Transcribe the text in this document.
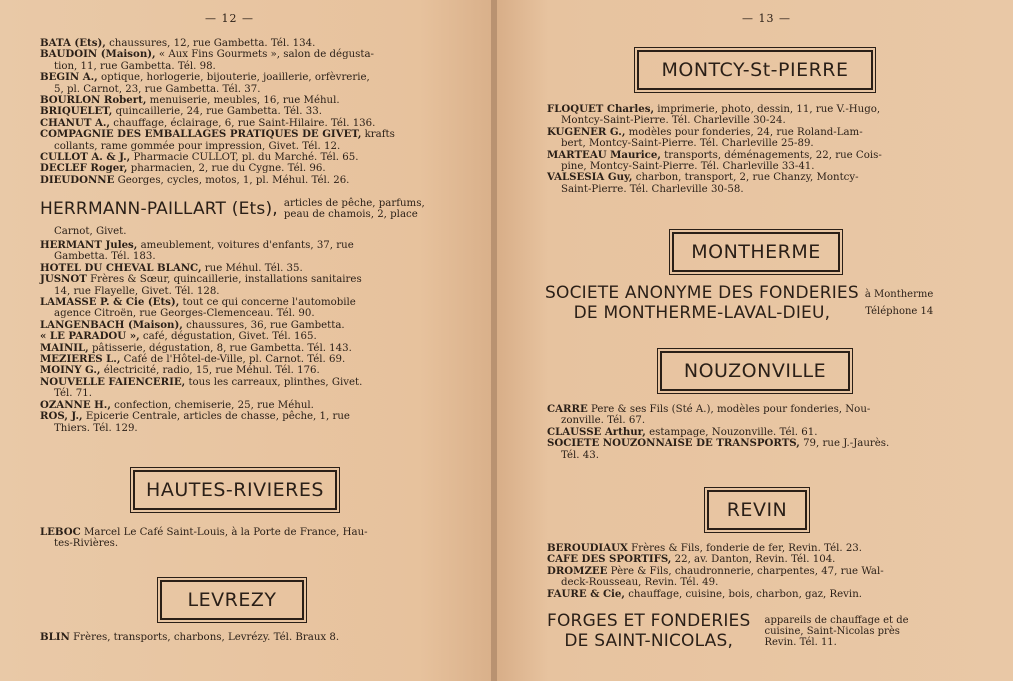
— 12 —
BATA (Ets), chaussures, 12, rue Gambetta. Tél. 134.
BAUDOIN (Maison), « Aux Fins Gourmets », salon de dégusta-
tion, 11, rue Gambetta. Tél. 98.
BEGIN A., optique, horlogerie, bijouterie, joaillerie, orfèvrerie,
5, pl. Carnot, 23, rue Gambetta. Tél. 37.
BOURLON Robert, menuiserie, meubles, 16, rue Méhul.
BRIQUELET, quincaillerie, 24, rue Gambetta. Tél. 33.
CHANUT A., chauffage, éclairage, 6, rue Saint-Hilaire. Tél. 136.
COMPAGNIE DES EMBALLAGES PRATIQUES DE GIVET, krafts
collants, rame gommée pour impression, Givet. Tél. 12.
CULLOT A. & J., Pharmacie CULLOT, pl. du Marché. Tél. 65.
DECLEF Roger, pharmacien, 2, rue du Cygne. Tél. 96.
DIEUDONNE Georges, cycles, motos, 1, pl. Méhul. Tél. 26.
HERRMANN-PAILLART (Ets), articles de pêche, parfums,
peau de chamois, 2, place
Carnot, Givet.
HERMANT Jules, ameublement, voitures d'enfants, 37, rue
Gambetta. Tél. 183.
HOTEL DU CHEVAL BLANC, rue Méhul. Tél. 35.
JUSNOT Frères & Sœur, quincaillerie, installations sanitaires
14, rue Flayelle, Givet. Tél. 128.
LAMASSE P. & Cie (Ets), tout ce qui concerne l'automobile
agence Citroën, rue Georges-Clemenceau. Tél. 90.
LANGENBACH (Maison), chaussures, 36, rue Gambetta.
« LE PARADOU », café, dégustation, Givet. Tél. 165.
MAINIL, pâtisserie, dégustation, 8, rue Gambetta. Tél. 143.
MEZIERES L., Café de l'Hôtel-de-Ville, pl. Carnot. Tél. 69.
MOINY G., électricité, radio, 15, rue Méhul. Tél. 176.
NOUVELLE FAIENCERIE, tous les carreaux, plinthes, Givet.
Tél. 71.
OZANNE H., confection, chemiserie, 25, rue Méhul.
ROS, J., Epicerie Centrale, articles de chasse, pêche, 1, rue
Thiers. Tél. 129.
HAUTES-RIVIERES
LEBOC Marcel Le Café Saint-Louis, à la Porte de France, Hau-
tes-Rivières.
LEVREZY
BLIN Frères, transports, charbons, Levrézy. Tél. Braux 8.
— 13 —
MONTCY-St-PIERRE
FLOQUET Charles, imprimerie, photo, dessin, 11, rue V.-Hugo,
Montcy-Saint-Pierre. Tél. Charleville 30-24.
KUGENER G., modèles pour fonderies, 24, rue Roland-Lam-
bert, Montcy-Saint-Pierre. Tél. Charleville 25-89.
MARTEAU Maurice, transports, déménagements, 22, rue Cois-
pine, Montcy-Saint-Pierre. Tél. Charleville 33-41.
VALSESIA Guy, charbon, transport, 2, rue Chanzy, Montcy-
Saint-Pierre. Tél. Charleville 30-58.
MONTHERME
SOCIETE ANONYME DES FONDERIES
DE MONTHERME-LAVAL-DIEU,
à Montherme
Téléphone 14
NOUZONVILLE
CARRE Pere & ses Fils (Sté A.), modèles pour fonderies, Nou-
zonville. Tél. 67.
CLAUSSE Arthur, estampage, Nouzonville. Tél. 61.
SOCIETE NOUZONNAISE DE TRANSPORTS, 79, rue J.-Jaurès.
Tél. 43.
REVIN
BEROUDIAUX Frères & Fils, fonderie de fer, Revin. Tél. 23.
CAFE DES SPORTIFS, 22, av. Danton, Revin. Tél. 104.
DROMZEE Père & Fils, chaudronnerie, charpentes, 47, rue Wal-
deck-Rousseau, Revin. Tél. 49.
FAURE & Cie, chauffage, cuisine, bois, charbon, gaz, Revin.
FORGES ET FONDERIES
DE SAINT-NICOLAS,
appareils de chauffage et de
cuisine, Saint-Nicolas près
Revin. Tél. 11.
